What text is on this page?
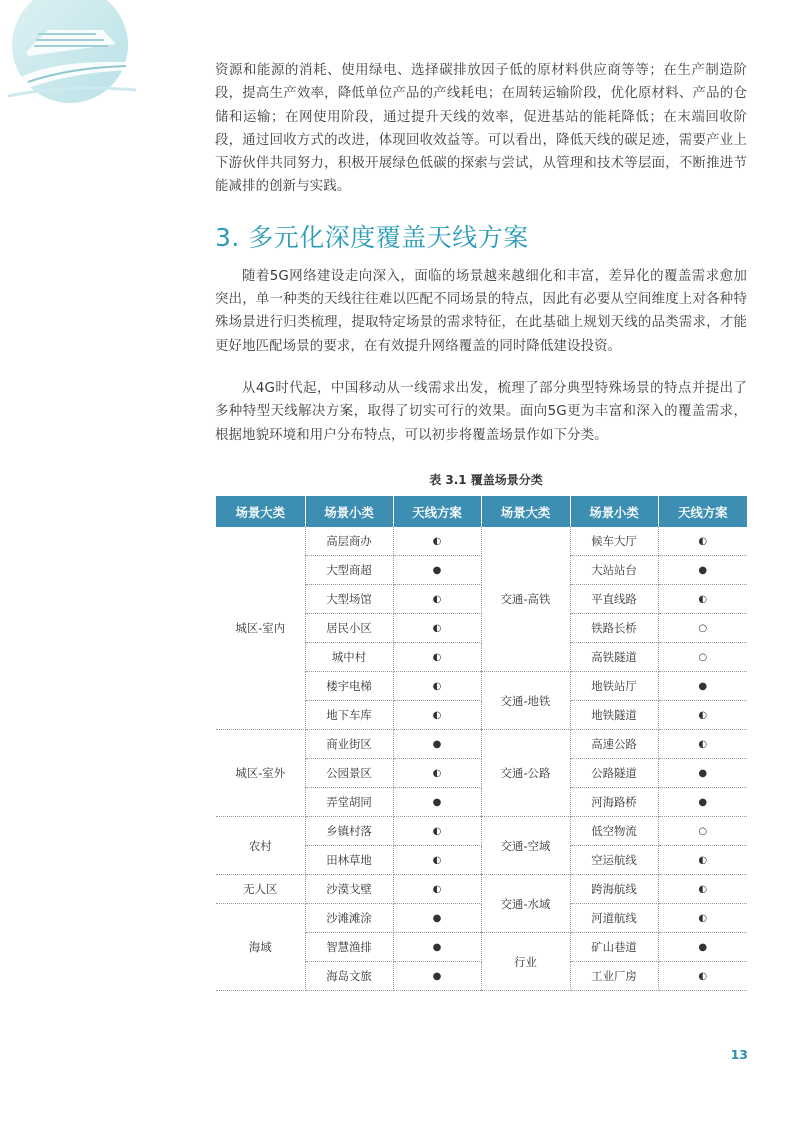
资源和能源的消耗、使用绿电、选择碳排放因子低的原材料供应商等等；在生产制造阶段，提高生产效率，降低单位产品的产线耗电；在周转运输阶段，优化原材料、产品的仓储和运输；在网使用阶段，通过提升天线的效率，促进基站的能耗降低；在末端回收阶段，通过回收方式的改进，体现回收效益等。可以看出，降低天线的碳足迹，需要产业上下游伙伴共同努力，积极开展绿色低碳的探索与尝试，从管理和技术等层面，不断推进节能减排的创新与实践。

3. 多元化深度覆盖天线方案

随着5G网络建设走向深入，面临的场景越来越细化和丰富，差异化的覆盖需求愈加突出，单一种类的天线往往难以匹配不同场景的特点，因此有必要从空间维度上对各种特殊场景进行归类梳理，提取特定场景的需求特征，在此基础上规划天线的品类需求，才能更好地匹配场景的要求，在有效提升网络覆盖的同时降低建设投资。

从4G时代起，中国移动从一线需求出发，梳理了部分典型特殊场景的特点并提出了多种特型天线解决方案，取得了切实可行的效果。面向5G更为丰富和深入的覆盖需求，根据地貌环境和用户分布特点，可以初步将覆盖场景作如下分类。

表 3.1 覆盖场景分类
场景大类	场景小类	天线方案	场景大类	场景小类	天线方案
城区-室内	高层商办	◐	交通-高铁	候车大厅	◐
	大型商超	●		大站站台	●
	大型场馆	◐		平直线路	◐
	居民小区	◐		铁路长桥	○
	城中村	◐		高铁隧道	○
	楼宇电梯	◐	交通-地铁	地铁站厅	●
	地下车库	◐		地铁隧道	◐
城区-室外	商业街区	●	交通-公路	高速公路	◐
	公园景区	◐		公路隧道	●
	弄堂胡同	●		河海路桥	●
农村	乡镇村落	◐	交通-空域	低空物流	○
	田林草地	◐		空运航线	◐
无人区	沙漠戈壁	◐	交通-水域	跨海航线	◐
海域	沙滩滩涂	●		河道航线	◐
	智慧渔排	●	行业	矿山巷道	●
	海岛文旅	●		工业厂房	◐
13
